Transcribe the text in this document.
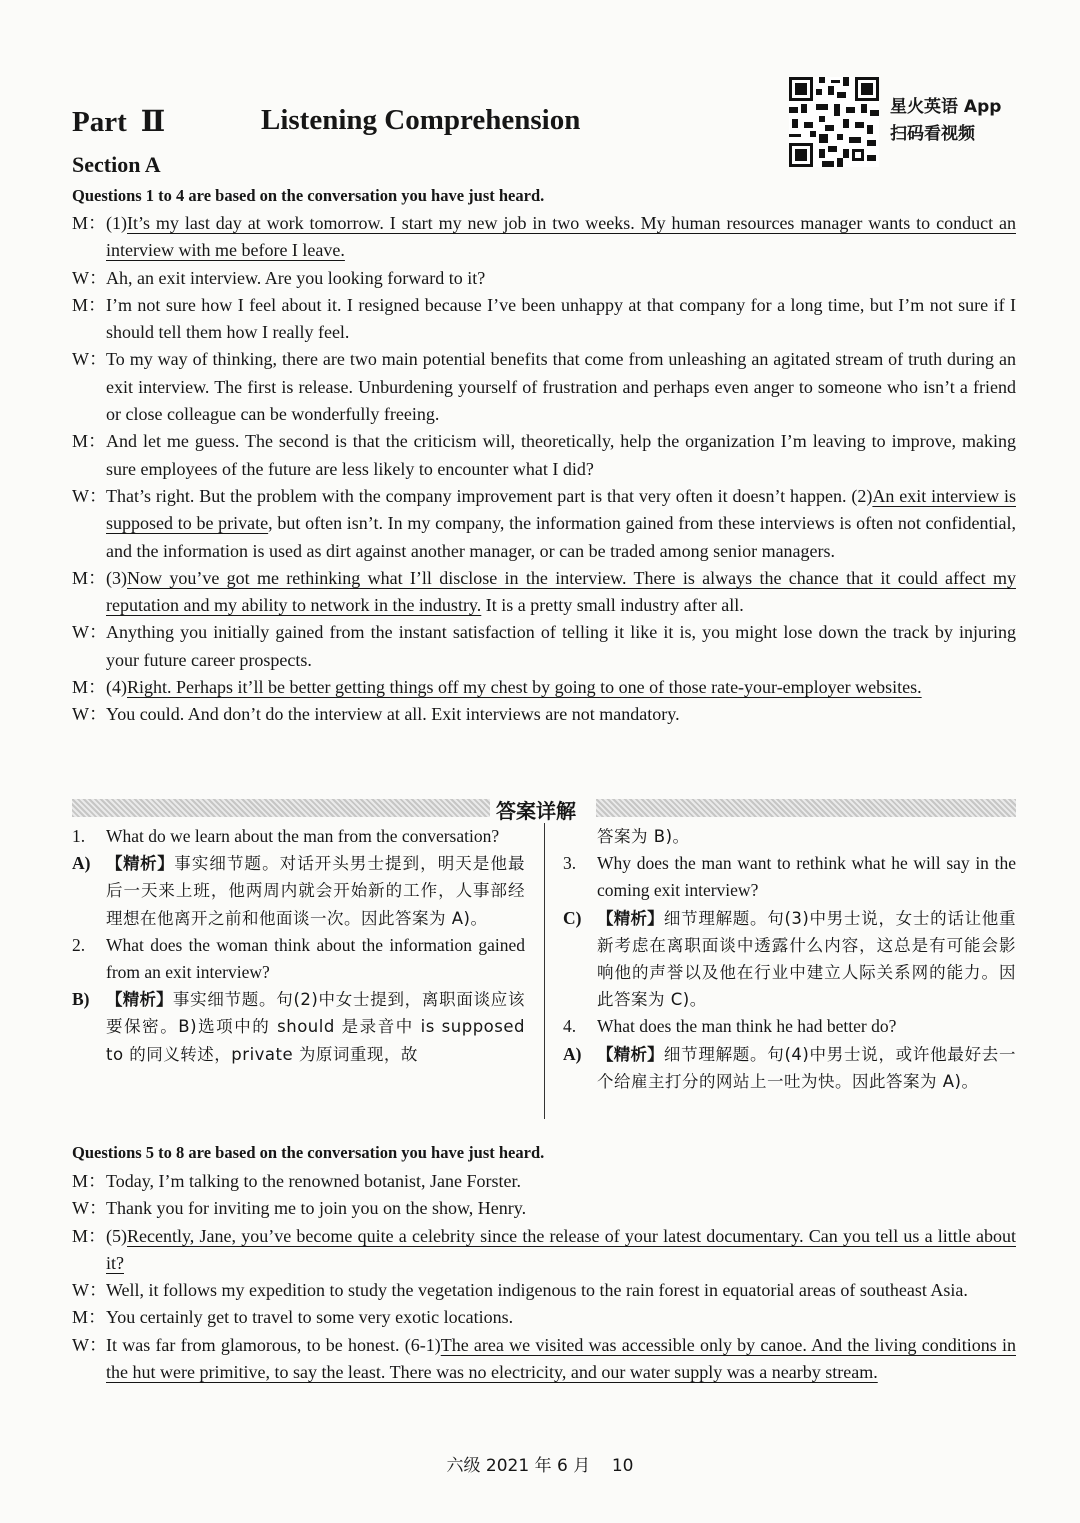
Part Ⅱ	Listening Comprehension	星火英语 App
扫码看视频
Section A
Questions 1 to 4 are based on the conversation you have just heard.
M： (1)It’s my last day at work tomorrow. I start my new job in two weeks. My human resources manager wants to conduct an interview with me before I leave.
W： Ah, an exit interview. Are you looking forward to it?
M： I’m not sure how I feel about it. I resigned because I’ve been unhappy at that company for a long time, but I’m not sure if I should tell them how I really feel.
W： To my way of thinking, there are two main potential benefits that come from unleashing an agitated stream of truth during an exit interview. The first is release. Unburdening yourself of frustration and perhaps even anger to someone who isn’t a friend or close colleague can be wonderfully freeing.
M： And let me guess. The second is that the criticism will, theoretically, help the organization I’m leaving to improve, making sure employees of the future are less likely to encounter what I did?
W： That’s right. But the problem with the company improvement part is that very often it doesn’t happen. (2)An exit interview is supposed to be private, but often isn’t. In my company, the information gained from these interviews is often not confidential, and the information is used as dirt against another manager, or can be traded among senior managers.
M： (3)Now you’ve got me rethinking what I’ll disclose in the interview. There is always the chance that it could affect my reputation and my ability to network in the industry. It is a pretty small industry after all.
W： Anything you initially gained from the instant satisfaction of telling it like it is, you might lose down the track by injuring your future career prospects.
M： (4)Right. Perhaps it’ll be better getting things off my chest by going to one of those rate-your-employer websites.
W： You could. And don’t do the interview at all. Exit interviews are not mandatory.
答案详解
1.	What do we learn about the man from the conversation?
A) 【精析】事实细节题。对话开头男士提到，明天是他最后一天来上班，他两周内就会开始新的工作，人事部经理想在他离开之前和他面谈一次。因此答案为 A)。
2.	What does the woman think about the information gained from an exit interview?
B)	【精析】事实细节题。句(2)中女士提到，离职面谈应该要保密。B)选项中的 should 是录音中 is supposed to 的同义转述，private 为原词重现，故
答案为 B)。
3.	Why does the man want to rethink what he will say in the coming exit interview?
C) 【精析】细节理解题。句(3)中男士说，女士的话让他重新考虑在离职面谈中透露什么内容，这总是有可能会影响他的声誉以及他在行业中建立人际关系网的能力。因此答案为 C)。
4.	What does the man think he had better do?
A) 【精析】细节理解题。句(4)中男士说，或许他最好去一个给雇主打分的网站上一吐为快。因此答案为 A)。
Questions 5 to 8 are based on the conversation you have just heard.
M： Today, I’m talking to the renowned botanist, Jane Forster.
W： Thank you for inviting me to join you on the show, Henry.
M： (5)Recently, Jane, you’ve become quite a celebrity since the release of your latest documentary. Can you tell us a little about it?
W： Well, it follows my expedition to study the vegetation indigenous to the rain forest in equatorial areas of southeast Asia.
M： You certainly get to travel to some very exotic locations.
W： It was far from glamorous, to be honest. (6-1)The area we visited was accessible only by canoe. And the living conditions in the hut were primitive, to say the least. There was no electricity, and our water supply was a nearby stream.
六级 2021 年 6 月 10
